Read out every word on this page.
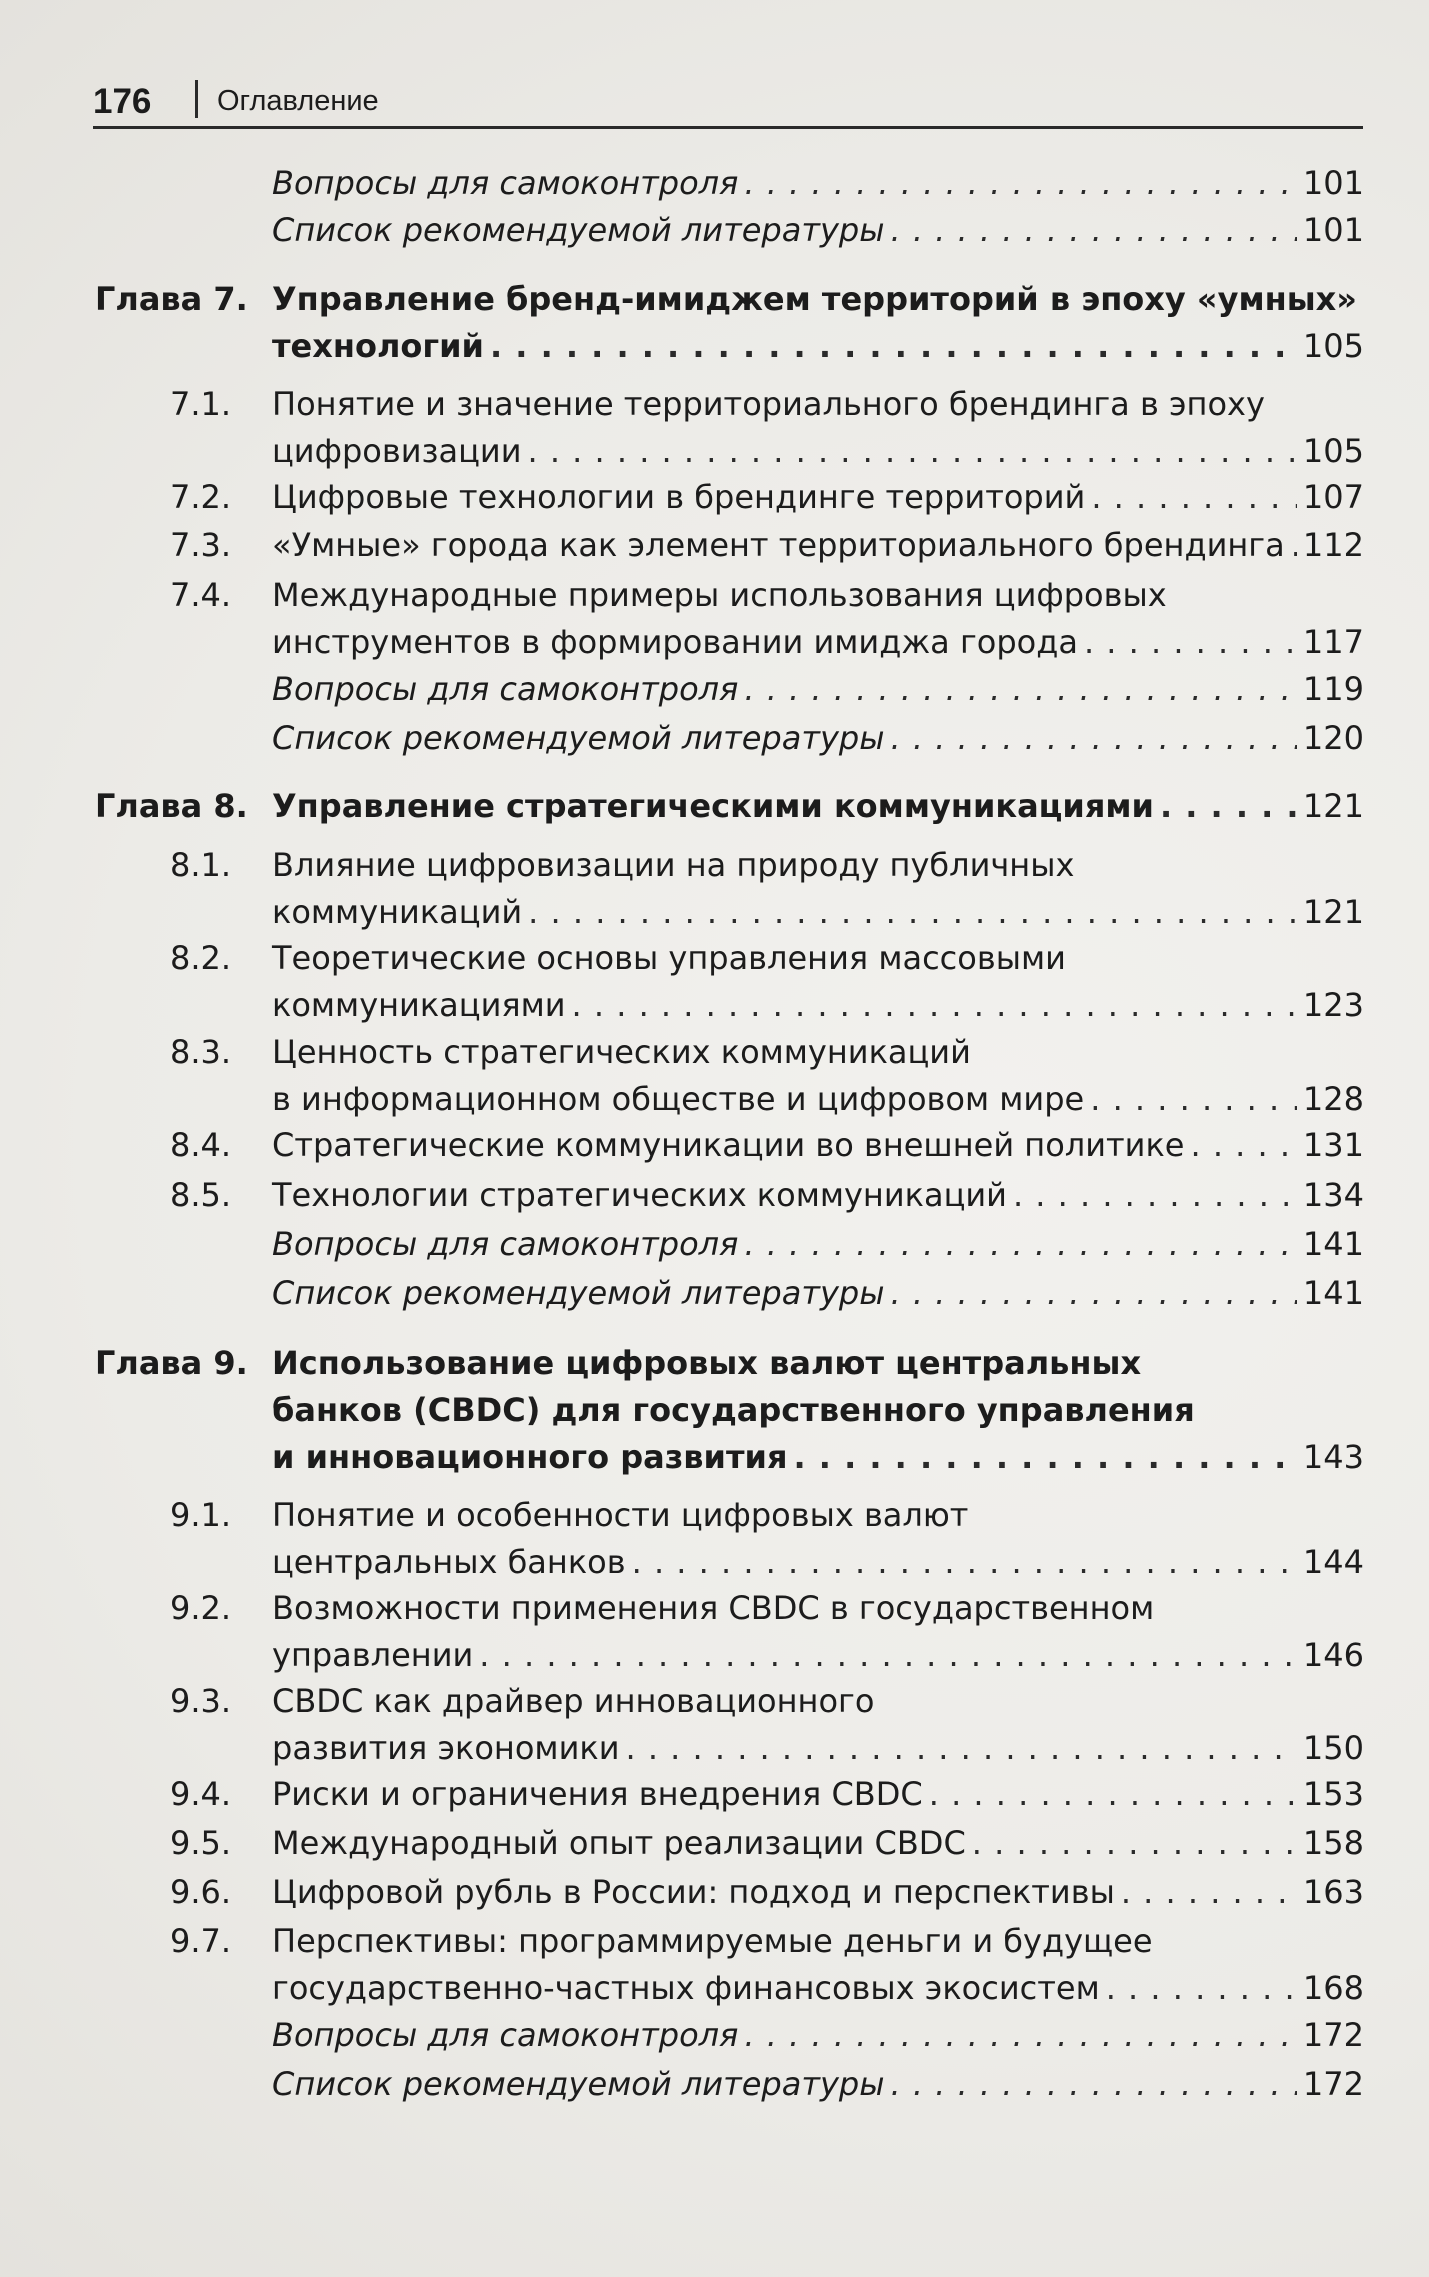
176 Оглавление
Вопросы для самоконтроля . . .	101
Список рекомендуемой литературы . . .	101
Глава 7. Управление бренд-имиджем территорий в эпоху «умных»
технологий . . .	105
7.1. Понятие и значение территориального брендинга в эпоху
цифровизации . . .	105
7.2. Цифровые технологии в брендинге территорий . . .	107
7.3. «Умные» города как элемент территориального брендинга . . . 112
7.4. Международные примеры использования цифровых
инструментов в формировании имиджа города . . .	117
Вопросы для самоконтроля . . .	119
Список рекомендуемой литературы . . .	120
Глава 8. Управление стратегическими коммуникациями . . .	121
8.1. Влияние цифровизации на природу публичных
коммуникаций . . .	121
8.2. Теоретические основы управления массовыми
коммуникациями . . .	123
8.3. Ценность стратегических коммуникаций
в информационном обществе и цифровом мире . . .	128
8.4. Стратегические коммуникации во внешней политике . . .	131
8.5. Технологии стратегических коммуникаций . . .	134
Вопросы для самоконтроля . . .	141
Список рекомендуемой литературы . . .	141
Глава 9. Использование цифровых валют центральных
банков (CBDC) для государственного управления
и инновационного развития . . .	143
9.1. Понятие и особенности цифровых валют
центральных банков . . .	144
9.2. Возможности применения CBDC в государственном
управлении . . .	146
9.3. CBDC как драйвер инновационного
развития экономики . . .	150
9.4. Риски и ограничения внедрения CBDC . . .	153
9.5. Международный опыт реализации CBDC . . .	158
9.6. Цифровой рубль в России: подход и перспективы . . .	163
9.7. Перспективы: программируемые деньги и будущее
государственно-частных финансовых экосистем . . .	168
Вопросы для самоконтроля . . .	172
Список рекомендуемой литературы . . .	172
